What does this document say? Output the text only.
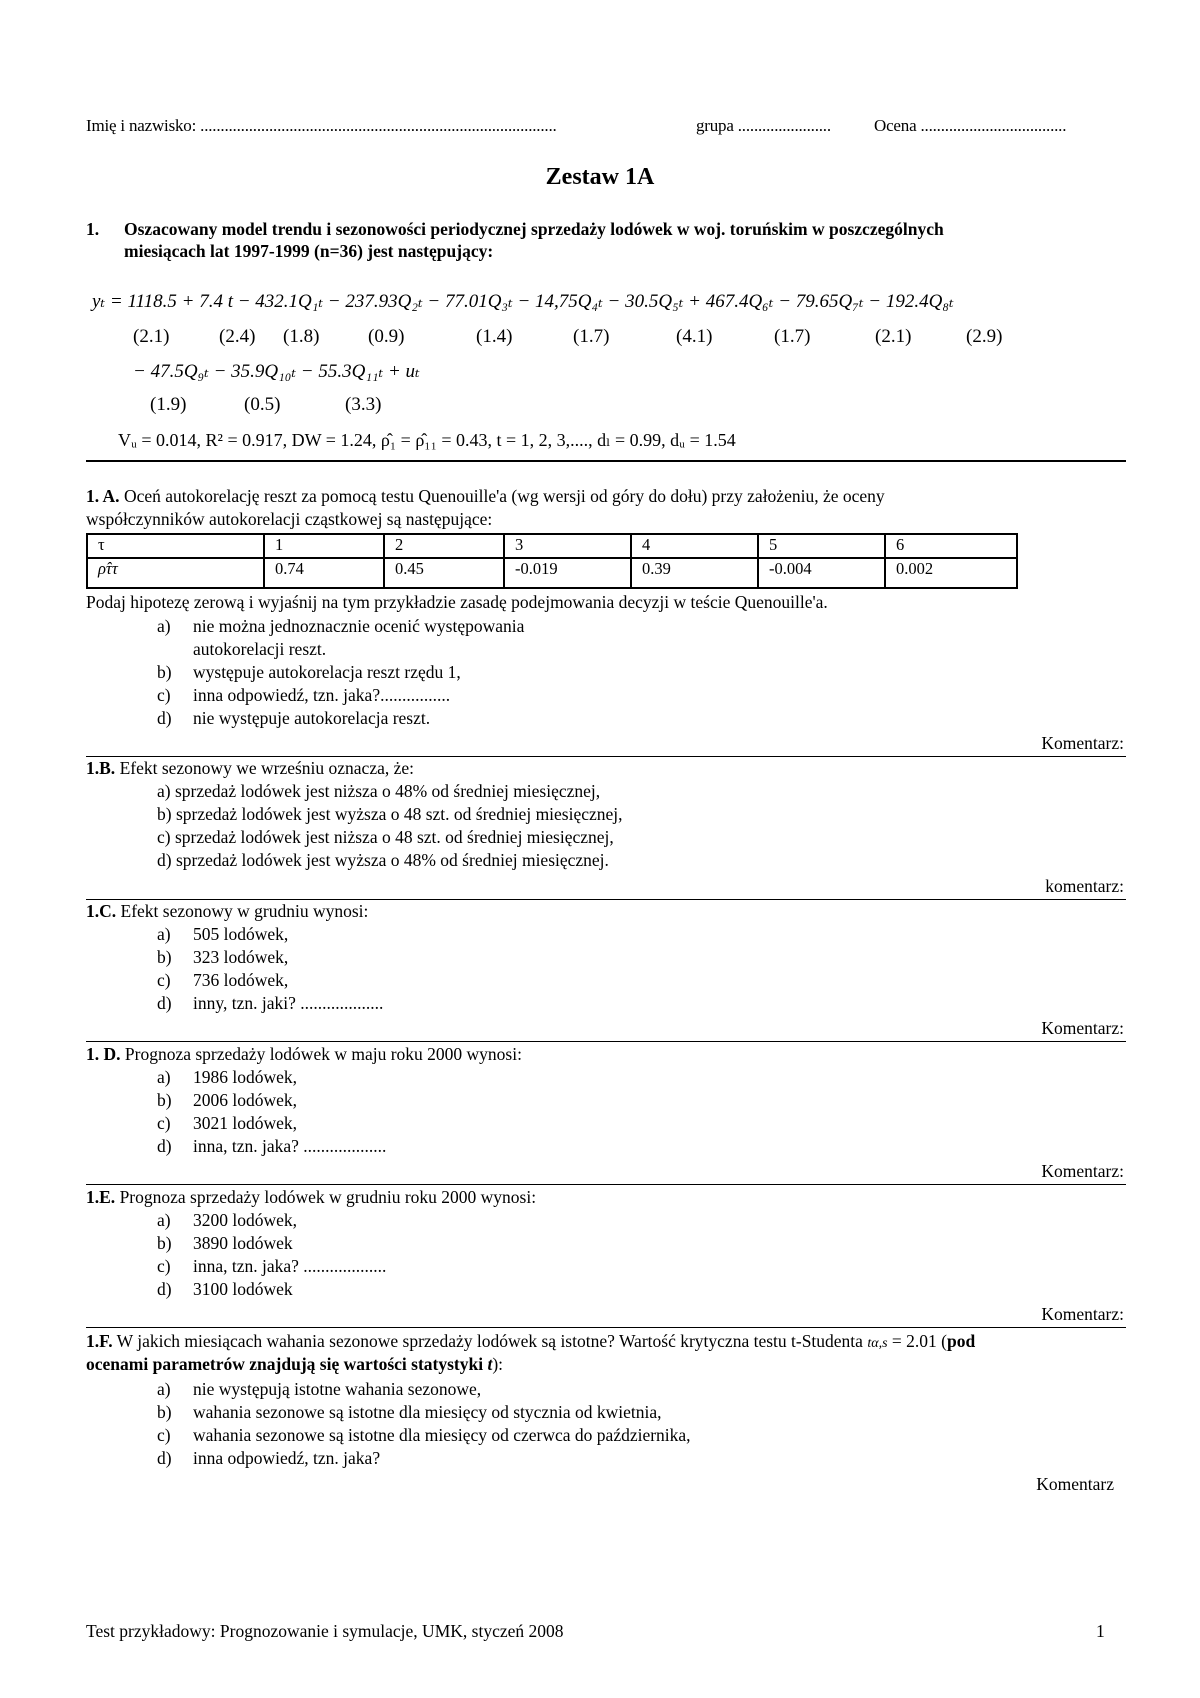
Imię i nazwisko: ........................................................................................	grupa .......................	Ocena ....................................
Zestaw 1A
1. Oszacowany model trendu i sezonowości periodycznej sprzedaży lodówek w woj. toruńskim w poszczególnych
miesiącach lat 1997-1999 (n=36) jest następujący:
yₜ = 1118.5 + 7.4 t − 432.1Q₁ₜ − 237.93Q₂ₜ − 77.01Q₃ₜ − 14,75Q₄ₜ − 30.5Q₅ₜ + 467.4Q₆ₜ − 79.65Q₇ₜ − 192.4Q₈ₜ
(2.1)	(2.4) (1.8)	(0.9)	(1.4)	(1.7)	(4.1)	(1.7)	(2.1)	(2.9)
− 47.5Q₉ₜ − 35.9Q₁₀ₜ − 55.3Q₁₁ₜ + uₜ
(1.9)	(0.5)	(3.3)
Vᵤ = 0.014, R² = 0.917, DW = 1.24, ρ̂₁ = ρ̂₁₁ = 0.43, t = 1, 2, 3,...., dₗ = 0.99, dᵤ = 1.54
1. A. Oceń autokorelację reszt za pomocą testu Quenouille'a (wg wersji od góry do dołu) przy założeniu, że oceny
współczynników autokorelacji cząstkowej są następujące:
τ	1	2	3	4	5	6
ρ̂ττ	0.74	0.45	-0.019	0.39	-0.004	0.002
Podaj hipotezę zerową i wyjaśnij na tym przykładzie zasadę podejmowania decyzji w teście Quenouille'a.
a) nie można jednoznacznie ocenić występowania
autokorelacji reszt.
b) występuje autokorelacja reszt rzędu 1,
c) inna odpowiedź, tzn. jaka?................
d) nie występuje autokorelacja reszt.
Komentarz:
1.B. Efekt sezonowy we wrześniu oznacza, że:
a) sprzedaż lodówek jest niższa o 48% od średniej miesięcznej,
b) sprzedaż lodówek jest wyższa o 48 szt. od średniej miesięcznej,
c) sprzedaż lodówek jest niższa o 48 szt. od średniej miesięcznej,
d) sprzedaż lodówek jest wyższa o 48% od średniej miesięcznej.
komentarz:
1.C. Efekt sezonowy w grudniu wynosi:
a) 505 lodówek,
b) 323 lodówek,
c) 736 lodówek,
d) inny, tzn. jaki? ...................
Komentarz:
1. D. Prognoza sprzedaży lodówek w maju roku 2000 wynosi:
a) 1986 lodówek,
b) 2006 lodówek,
c) 3021 lodówek,
d) inna, tzn. jaka? ...................
Komentarz:
1.E. Prognoza sprzedaży lodówek w grudniu roku 2000 wynosi:
a) 3200 lodówek,
b) 3890 lodówek
c) inna, tzn. jaka? ...................
d) 3100 lodówek
Komentarz:
1.F. W jakich miesiącach wahania sezonowe sprzedaży lodówek są istotne? Wartość krytyczna testu t-Studenta tα,s = 2.01 (pod
ocenami parametrów znajdują się wartości statystyki t):
a) nie występują istotne wahania sezonowe,
b) wahania sezonowe są istotne dla miesięcy od stycznia od kwietnia,
c) wahania sezonowe są istotne dla miesięcy od czerwca do października,
d) inna odpowiedź, tzn. jaka?
Komentarz
Test przykładowy: Prognozowanie i symulacje, UMK, styczeń 2008	1
